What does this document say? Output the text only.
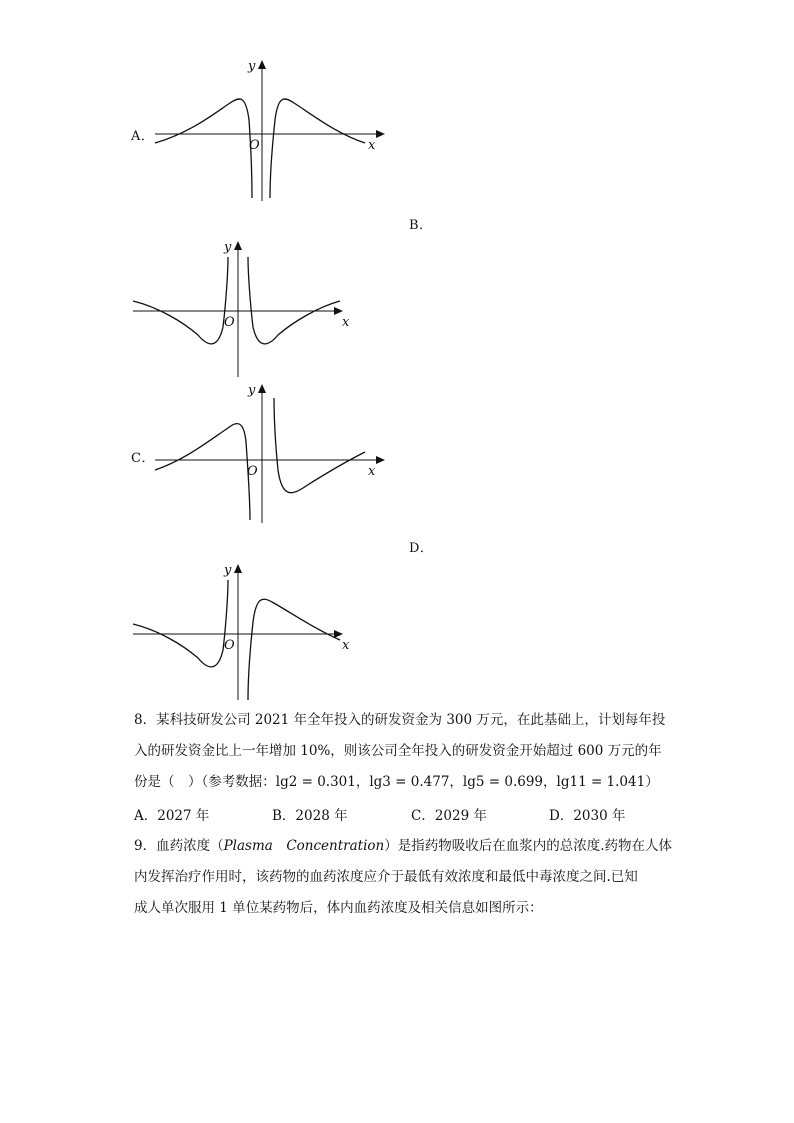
A．
y
x
O
B．
y
x
O
C．
y
x
O
D．
y
x
O
8．某科技研发公司 2021 年全年投入的研发资金为 300 万元，在此基础上，计划每年投
入的研发资金比上一年增加 10%，则该公司全年投入的研发资金开始超过 600 万元的年
份是（　）（参考数据：lg2 = 0.301，lg3 = 0.477，lg5 = 0.699，lg11 = 1.041）
A．2027 年	B．2028 年	C．2029 年	D．2030 年
9．血药浓度（Plasma　Concentration）是指药物吸收后在血浆内的总浓度.药物在人体
内发挥治疗作用时，该药物的血药浓度应介于最低有效浓度和最低中毒浓度之间.已知
成人单次服用 1 单位某药物后，体内血药浓度及相关信息如图所示：
